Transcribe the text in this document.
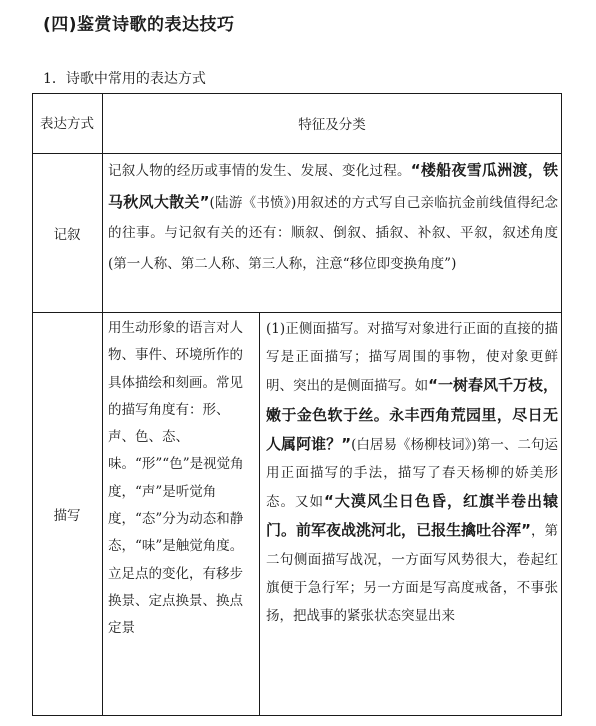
(四)鉴赏诗歌的表达技巧
1．诗歌中常用的表达方式
表达方式	特征及分类
记叙
记叙人物的经历或事情的发生、发展、变化过程。“楼船夜雪瓜洲渡，铁马秋风大散关”(陆游《书愤》)用叙述的方式写自己亲临抗金前线值得纪念的往事。与记叙有关的还有：顺叙、倒叙、插叙、补叙、平叙，叙述角度(第一人称、第二人称、第三人称，注意“移位即变换角度”)
描写
用生动形象的语言对人物、事件、环境所作的具体描绘和刻画。常见的描写角度有：形、声、色、态、味。“形”“色”是视觉角度，“声”是听觉角度，“态”分为动态和静态，“味”是触觉角度。立足点的变化，有移步换景、定点换景、换点定景
(1)正侧面描写。对描写对象进行正面的直接的描写是正面描写；描写周围的事物，使对象更鲜明、突出的是侧面描写。如“一树春风千万枝，嫩于金色软于丝。永丰西角荒园里，尽日无人属阿谁？”(白居易《杨柳枝词》)第一、二句运用正面描写的手法，描写了春天杨柳的娇美形态。又如“大漠风尘日色昏，红旗半卷出辕门。前军夜战洮河北，已报生擒吐谷浑”，第二句侧面描写战况，一方面写风势很大，卷起红旗便于急行军；另一方面是写高度戒备，不事张扬，把战事的紧张状态突显出来
